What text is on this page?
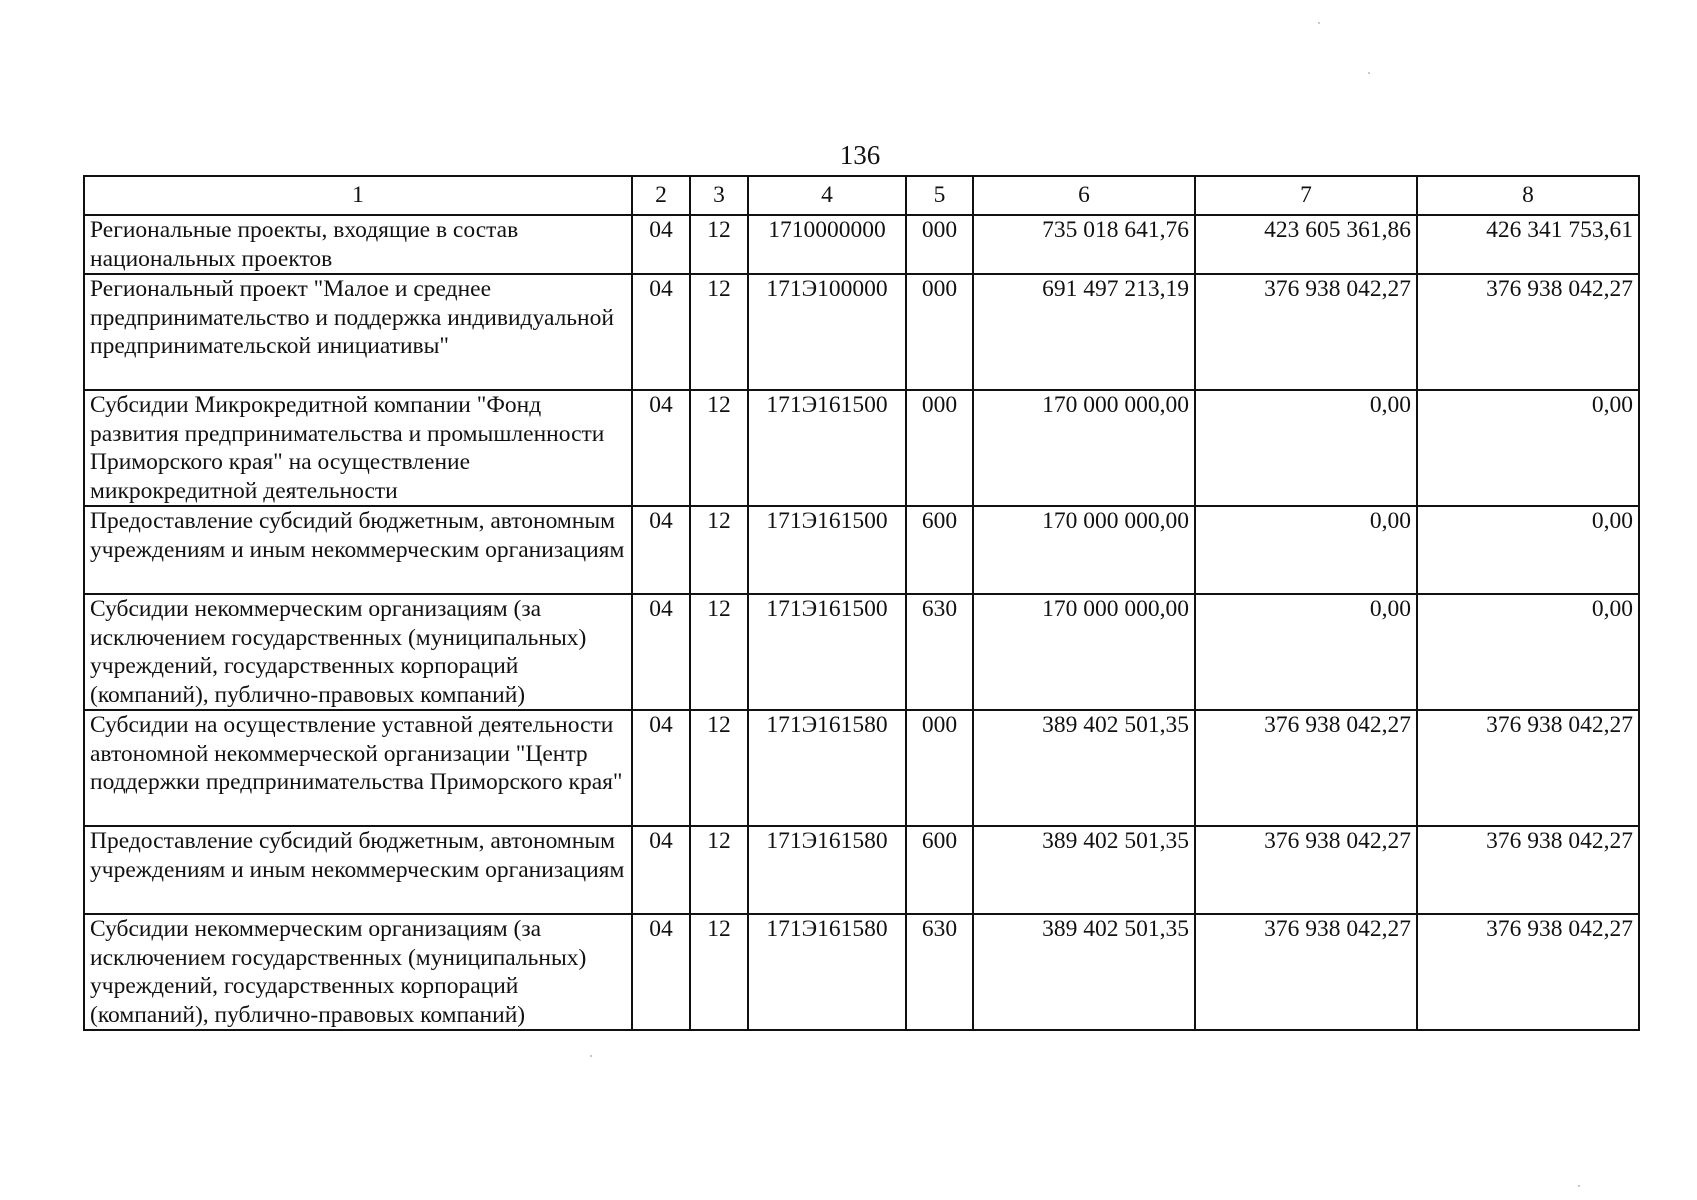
136
1	2	3	4	5	6	7	8
Региональные проекты, входящие в состав национальных проектов	04	12	1710000000	000	735 018 641,76	423 605 361,86	426 341 753,61
Региональный проект "Малое и среднее предпринимательство и поддержка индивидуальной предпринимательской инициативы"	04	12	171Э100000	000	691 497 213,19	376 938 042,27	376 938 042,27
Субсидии Микрокредитной компании "Фонд развития предпринимательства и промышленности Приморского края" на осуществление микрокредитной деятельности	04	12	171Э161500	000	170 000 000,00	0,00	0,00
Предоставление субсидий бюджетным, автономным учреждениям и иным некоммерческим организациям	04	12	171Э161500	600	170 000 000,00	0,00	0,00
Субсидии некоммерческим организациям (за исключением государственных (муниципальных) учреждений, государственных корпораций (компаний), публично-правовых компаний)	04	12	171Э161500	630	170 000 000,00	0,00	0,00
Субсидии на осуществление уставной деятельности автономной некоммерческой организации "Центр поддержки предпринимательства Приморского края"	04	12	171Э161580	000	389 402 501,35	376 938 042,27	376 938 042,27
Предоставление субсидий бюджетным, автономным учреждениям и иным некоммерческим организациям	04	12	171Э161580	600	389 402 501,35	376 938 042,27	376 938 042,27
Субсидии некоммерческим организациям (за исключением государственных (муниципальных) учреждений, государственных корпораций (компаний), публично-правовых компаний)	04	12	171Э161580	630	389 402 501,35	376 938 042,27	376 938 042,27
